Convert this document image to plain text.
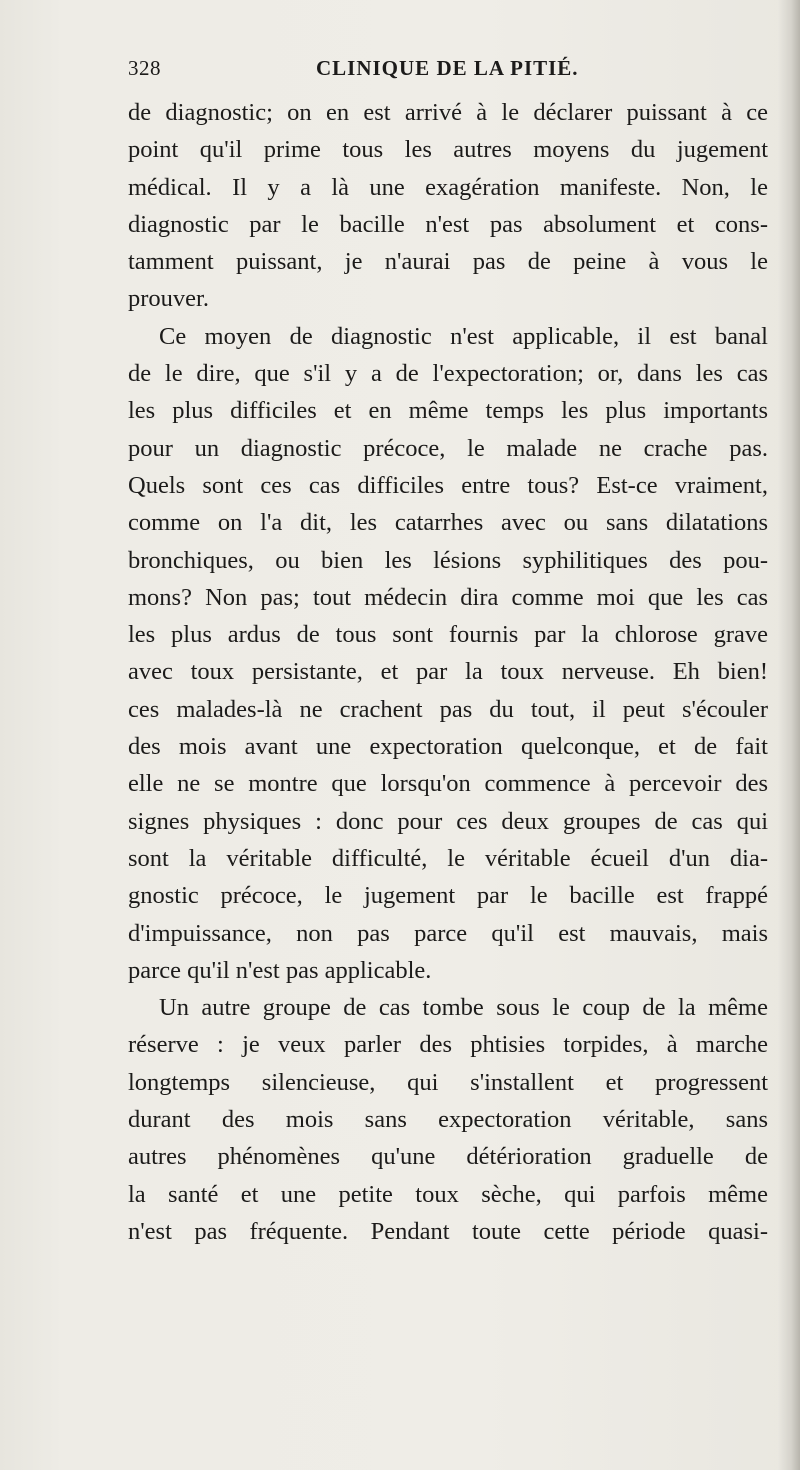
328	CLINIQUE DE LA PITIÉ.
de diagnostic; on en est arrivé à le déclarer puissant à ce
point qu'il prime tous les autres moyens du jugement
médical. Il y a là une exagération manifeste. Non, le
diagnostic par le bacille n'est pas absolument et cons-
tamment puissant, je n'aurai pas de peine à vous le
prouver.
Ce moyen de diagnostic n'est applicable, il est banal
de le dire, que s'il y a de l'expectoration; or, dans les cas
les plus difficiles et en même temps les plus importants
pour un diagnostic précoce, le malade ne crache pas.
Quels sont ces cas difficiles entre tous? Est-ce vraiment,
comme on l'a dit, les catarrhes avec ou sans dilatations
bronchiques, ou bien les lésions syphilitiques des pou-
mons? Non pas; tout médecin dira comme moi que les cas
les plus ardus de tous sont fournis par la chlorose grave
avec toux persistante, et par la toux nerveuse. Eh bien!
ces malades-là ne crachent pas du tout, il peut s'écouler
des mois avant une expectoration quelconque, et de fait
elle ne se montre que lorsqu'on commence à percevoir des
signes physiques : donc pour ces deux groupes de cas qui
sont la véritable difficulté, le véritable écueil d'un dia-
gnostic précoce, le jugement par le bacille est frappé
d'impuissance, non pas parce qu'il est mauvais, mais
parce qu'il n'est pas applicable.
Un autre groupe de cas tombe sous le coup de la même
réserve : je veux parler des phtisies torpides, à marche
longtemps silencieuse, qui s'installent et progressent
durant des mois sans expectoration véritable, sans
autres phénomènes qu'une détérioration graduelle de
la santé et une petite toux sèche, qui parfois même
n'est pas fréquente. Pendant toute cette période quasi-
